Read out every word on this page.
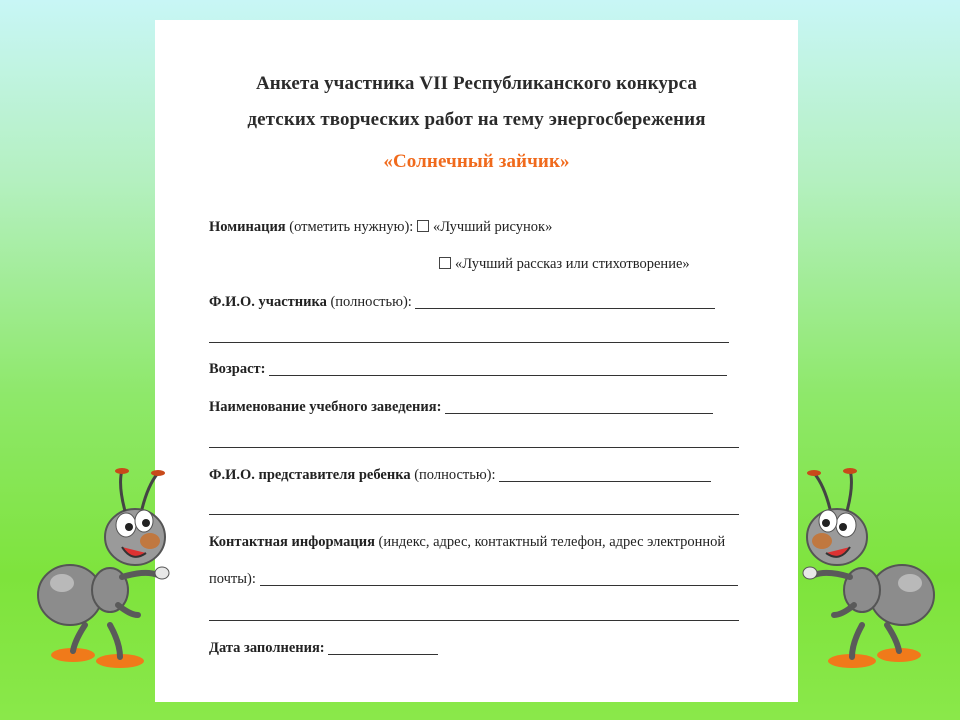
Анкета участника VII Республиканского конкурса
детских творческих работ на тему энергосбережения
«Солнечный зайчик»
Номинация (отметить нужную): «Лучший рисунок»
«Лучший рассказ или стихотворение»
Ф.И.О. участника (полностью):
Возраст:
Наименование учебного заведения:
Ф.И.О. представителя ребенка (полностью):
Контактная информация (индекс, адрес, контактный телефон, адрес электронной
почты):
Дата заполнения:
